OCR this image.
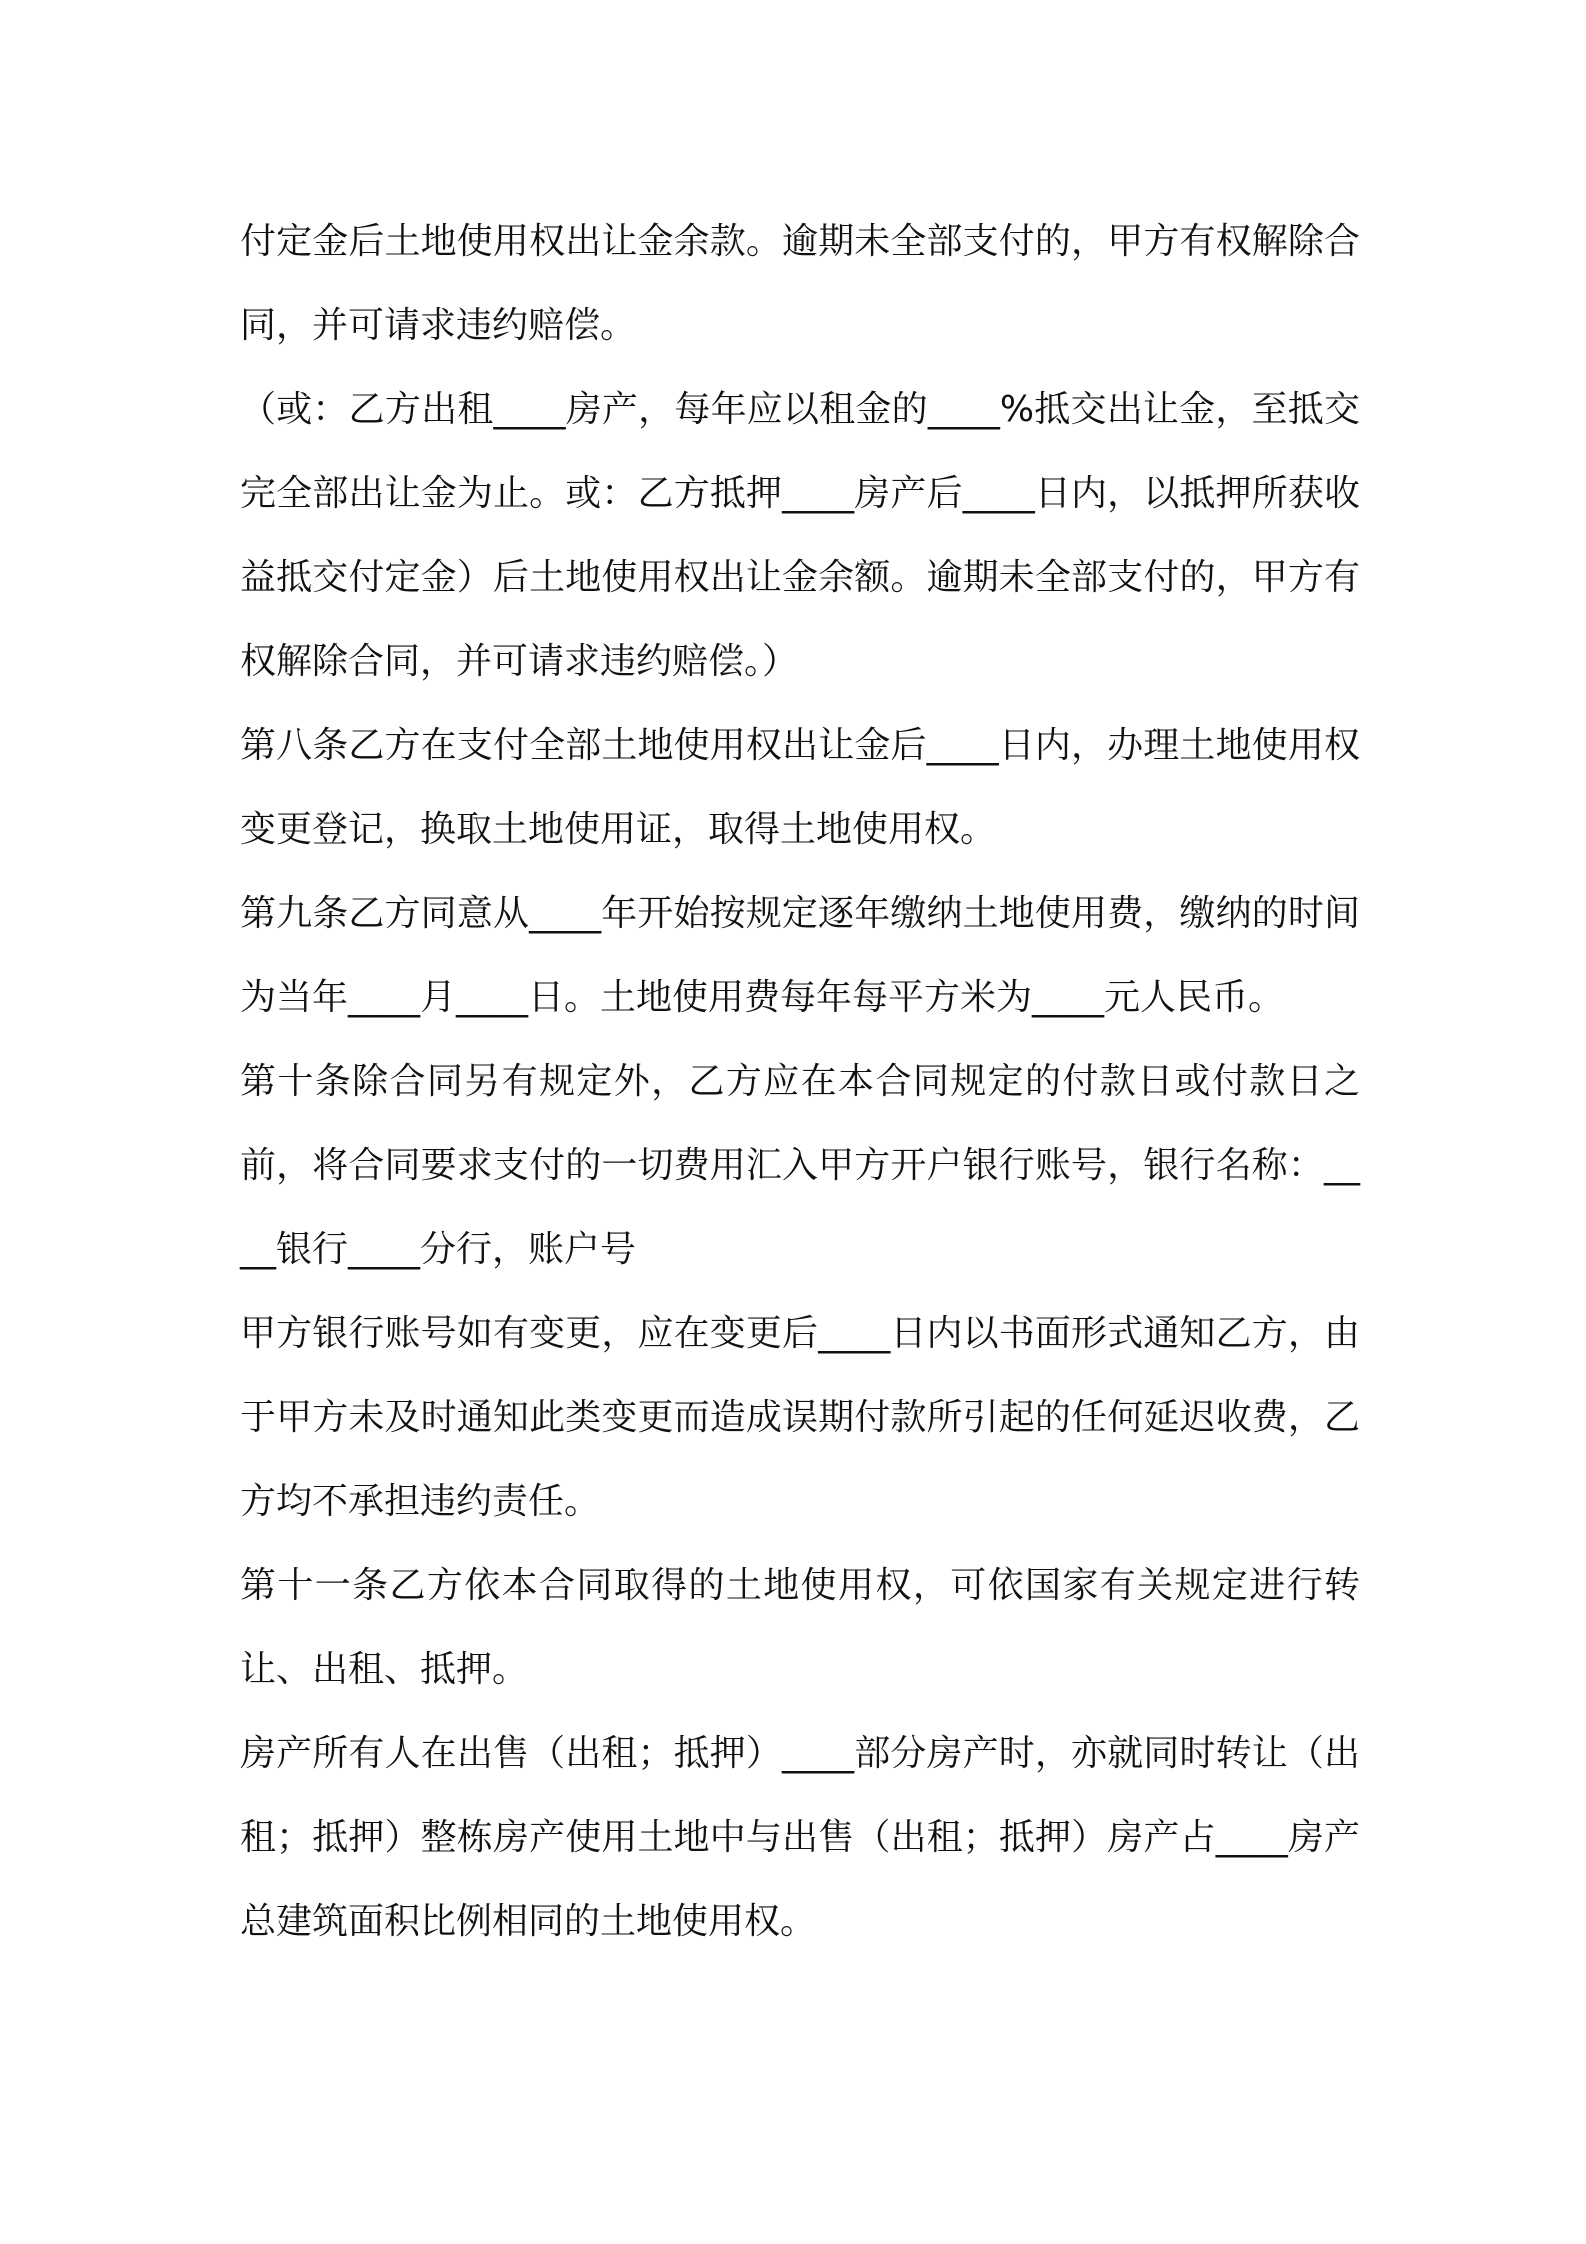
付定金后土地使用权出让金余款。逾期未全部支付的，甲方有权解除合同，并可请求违约赔偿。

（或：乙方出租____房产，每年应以租金的____%抵交出让金，至抵交完全部出让金为止。或：乙方抵押____房产后____日内，以抵押所获收益抵交付定金）后土地使用权出让金余额。逾期未全部支付的，甲方有权解除合同，并可请求违约赔偿。）

第八条乙方在支付全部土地使用权出让金后____日内，办理土地使用权变更登记，换取土地使用证，取得土地使用权。

第九条乙方同意从____年开始按规定逐年缴纳土地使用费，缴纳的时间为当年____月____日。土地使用费每年每平方米为____元人民币。

第十条除合同另有规定外，乙方应在本合同规定的付款日或付款日之前，将合同要求支付的一切费用汇入甲方开户银行账号，银行名称：____银行____分行，账户号

甲方银行账号如有变更，应在变更后____日内以书面形式通知乙方，由于甲方未及时通知此类变更而造成误期付款所引起的任何延迟收费，乙方均不承担违约责任。

第十一条乙方依本合同取得的土地使用权，可依国家有关规定进行转让、出租、抵押。

房产所有人在出售（出租；抵押）____部分房产时，亦就同时转让（出租；抵押）整栋房产使用土地中与出售（出租；抵押）房产占____房产总建筑面积比例相同的土地使用权。
